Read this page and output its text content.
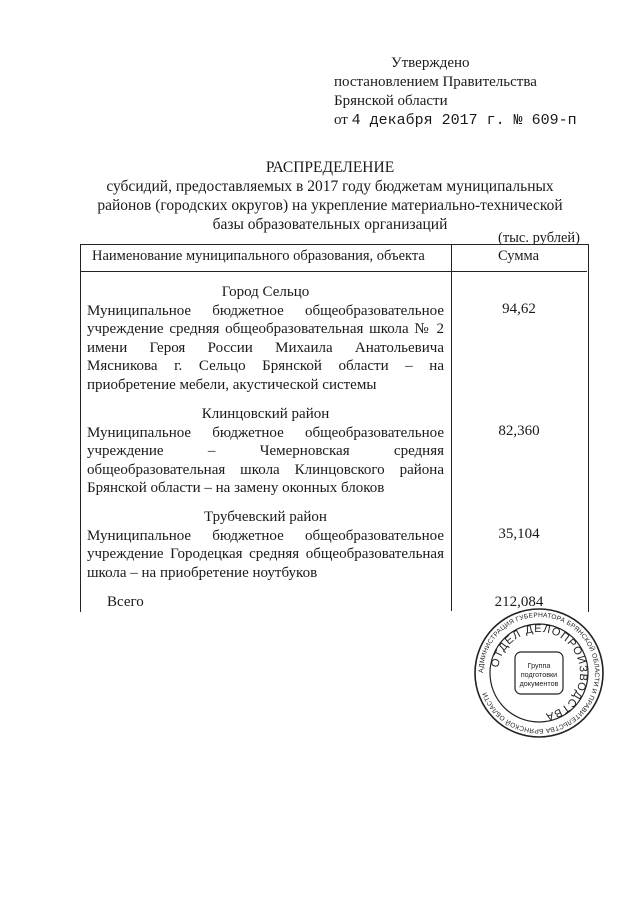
Утверждено
постановлением Правительства
Брянской области
от 4 декабря 2017 г. № 609-п
РАСПРЕДЕЛЕНИЕ
субсидий, предоставляемых в 2017 году бюджетам муниципальных
районов (городских округов) на укрепление материально-технической
базы образовательных организаций
(тыс. рублей)
Наименование муниципального образования, объекта	Сумма
Город Сельцо
Муниципальное бюджетное общеобразовательное учреждение средняя общеобразовательная школа № 2 имени Героя России Михаила Анатольевича Мясникова г. Сельцо Брянской области – на приобретение мебели, акустической системы
94,62
Клинцовский район
Муниципальное бюджетное общеобразовательное учреждение – Чемерновская средняя общеобразовательная школа Клинцовского района Брянской области – на замену оконных блоков
82,360
Трубчевский район
Муниципальное бюджетное общеобразовательное учреждение Городецкая средняя общеобразовательная школа – на приобретение ноутбуков
35,104
Всего	212,084
АДМИНИСТРАЦИЯ ГУБЕРНАТОРА БРЯНСКОЙ ОБЛАСТИ И ПРАВИТЕЛЬСТВА БРЯНСКОЙ ОБЛАСТИ
ОТДЕЛ ДЕЛОПРОИЗВОДСТВА
Группа
подготовки
документов
